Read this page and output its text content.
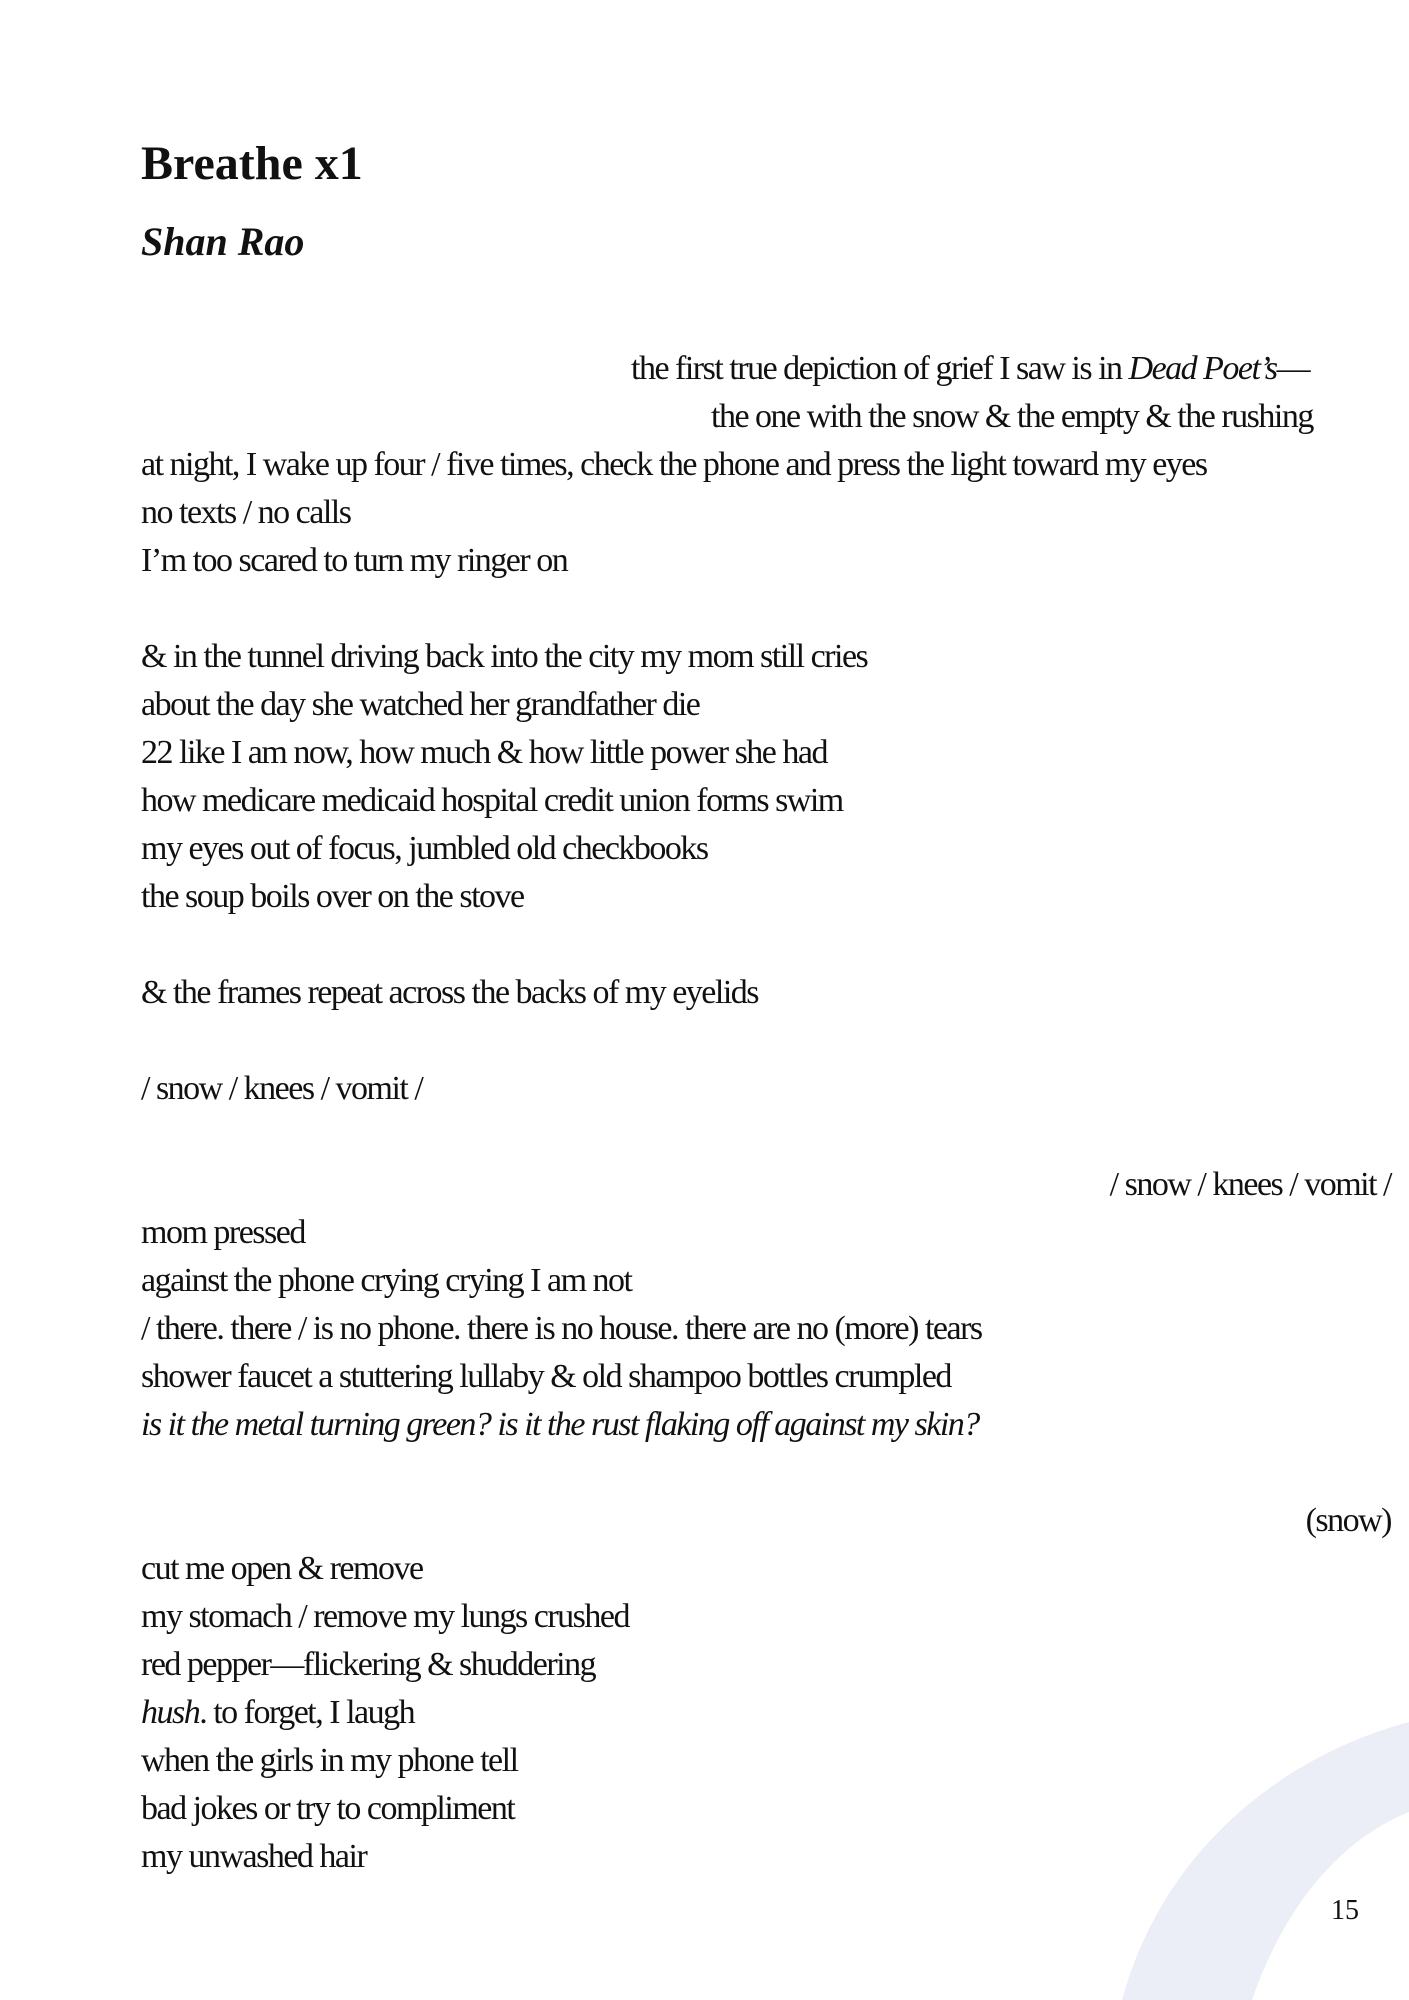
Breathe x1
Shan Rao
the first true depiction of grief I saw is in Dead Poet’s—
the one with the snow & the empty & the rushing
at night, I wake up four / five times, check the phone and press the light toward my eyes
no texts / no calls
I’m too scared to turn my ringer on
& in the tunnel driving back into the city my mom still cries
about the day she watched her grandfather die
22 like I am now, how much & how little power she had
how medicare medicaid hospital credit union forms swim
my eyes out of focus, jumbled old checkbooks
the soup boils over on the stove
& the frames repeat across the backs of my eyelids
/ snow / knees / vomit /
/ snow / knees / vomit /
mom pressed
against the phone crying crying I am not
/ there. there / is no phone. there is no house. there are no (more) tears
shower faucet a stuttering lullaby & old shampoo bottles crumpled
is it the metal turning green? is it the rust flaking off against my skin?
(snow)
cut me open & remove
my stomach / remove my lungs crushed
red pepper—flickering & shuddering
hush. to forget, I laugh
when the girls in my phone tell
bad jokes or try to compliment
my unwashed hair
15
